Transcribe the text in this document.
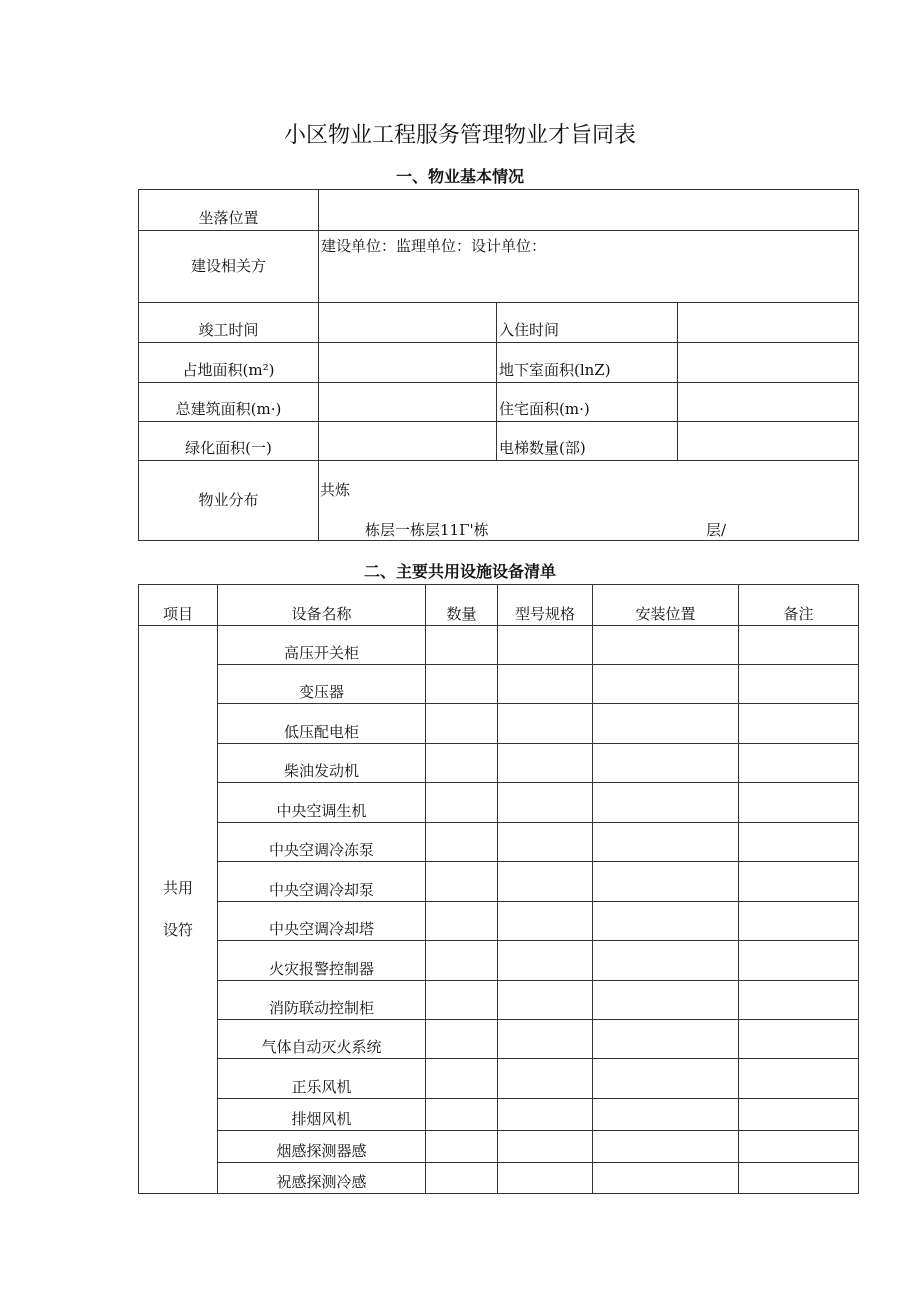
小区物业工程服务管理物业才旨同表
一、物业基本情况
坐落位置			
建设相关方	建设单位：监理单位：设计单位：		
竣工时间		入住时间	
占地面积(m²)		地下室面积(lnZ)	
总建筑面积(m·)		住宅面积(m·)	
绿化面积(一)		电梯数量(部)	
物业分布	共炼
栋层一栋层11Γ'栋 层/		
二、主要共用设施设备清单
项目	设备名称	数量	型号规格	安装位置	备注

共用
设符	高压开关柜				
	变压器				
	低压配电柜				
	柴油发动机				
	中央空调生机				
	中央空调冷冻泵				
	中央空调冷却泵				
	中央空调冷却塔				
	火灾报警控制器				
	消防联动控制柜				
	气体自动灭火系统				
	正乐风机				
	排烟风机				
	烟感探测器感				
	祝感探测冷感				
